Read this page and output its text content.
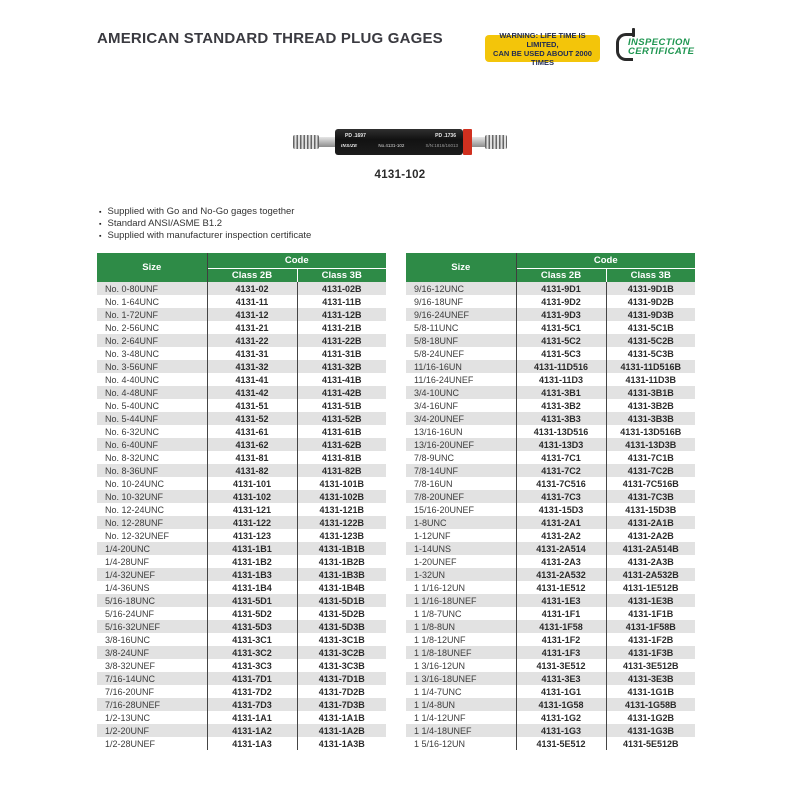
AMERICAN STANDARD THREAD PLUG GAGES	WARNING: LIFE TIME IS LIMITED,
CAN BE USED ABOUT 2000 TIMES
INSPECTION
CERTIFICATE
PD .1697	PD .1736
INSIZE	No.4131-102	S/N:1816/16013
4131-102
▪ Supplied with Go and No-Go gages together
▪ Standard ANSI/ASME B1.2
▪ Supplied with manufacturer inspection certificate
Size	Code	
	Class 2B	Class 3B
No. 0-80UNF	4131-02	4131-02B
No. 1-64UNC	4131-11	4131-11B
No. 1-72UNF	4131-12	4131-12B
No. 2-56UNC	4131-21	4131-21B
No. 2-64UNF	4131-22	4131-22B
No. 3-48UNC	4131-31	4131-31B
No. 3-56UNF	4131-32	4131-32B
No. 4-40UNC	4131-41	4131-41B
No. 4-48UNF	4131-42	4131-42B
No. 5-40UNC	4131-51	4131-51B
No. 5-44UNF	4131-52	4131-52B
No. 6-32UNC	4131-61	4131-61B
No. 6-40UNF	4131-62	4131-62B
No. 8-32UNC	4131-81	4131-81B
No. 8-36UNF	4131-82	4131-82B
No. 10-24UNC	4131-101	4131-101B
No. 10-32UNF	4131-102	4131-102B
No. 12-24UNC	4131-121	4131-121B
No. 12-28UNF	4131-122	4131-122B
No. 12-32UNEF	4131-123	4131-123B
1/4-20UNC	4131-1B1	4131-1B1B
1/4-28UNF	4131-1B2	4131-1B2B
1/4-32UNEF	4131-1B3	4131-1B3B
1/4-36UNS	4131-1B4	4131-1B4B
5/16-18UNC	4131-5D1	4131-5D1B
5/16-24UNF	4131-5D2	4131-5D2B
5/16-32UNEF	4131-5D3	4131-5D3B
3/8-16UNC	4131-3C1	4131-3C1B
3/8-24UNF	4131-3C2	4131-3C2B
3/8-32UNEF	4131-3C3	4131-3C3B
7/16-14UNC	4131-7D1	4131-7D1B
7/16-20UNF	4131-7D2	4131-7D2B
7/16-28UNEF	4131-7D3	4131-7D3B
1/2-13UNC	4131-1A1	4131-1A1B
1/2-20UNF	4131-1A2	4131-1A2B
1/2-28UNEF	4131-1A3	4131-1A3B
Size	Code	
	Class 2B	Class 3B
9/16-12UNC	4131-9D1	4131-9D1B
9/16-18UNF	4131-9D2	4131-9D2B
9/16-24UNEF	4131-9D3	4131-9D3B
5/8-11UNC	4131-5C1	4131-5C1B
5/8-18UNF	4131-5C2	4131-5C2B
5/8-24UNEF	4131-5C3	4131-5C3B
11/16-16UN	4131-11D516	4131-11D516B
11/16-24UNEF	4131-11D3	4131-11D3B
3/4-10UNC	4131-3B1	4131-3B1B
3/4-16UNF	4131-3B2	4131-3B2B
3/4-20UNEF	4131-3B3	4131-3B3B
13/16-16UN	4131-13D516	4131-13D516B
13/16-20UNEF	4131-13D3	4131-13D3B
7/8-9UNC	4131-7C1	4131-7C1B
7/8-14UNF	4131-7C2	4131-7C2B
7/8-16UN	4131-7C516	4131-7C516B
7/8-20UNEF	4131-7C3	4131-7C3B
15/16-20UNEF	4131-15D3	4131-15D3B
1-8UNC	4131-2A1	4131-2A1B
1-12UNF	4131-2A2	4131-2A2B
1-14UNS	4131-2A514	4131-2A514B
1-20UNEF	4131-2A3	4131-2A3B
1-32UN	4131-2A532	4131-2A532B
1 1/16-12UN	4131-1E512	4131-1E512B
1 1/16-18UNEF	4131-1E3	4131-1E3B
1 1/8-7UNC	4131-1F1	4131-1F1B
1 1/8-8UN	4131-1F58	4131-1F58B
1 1/8-12UNF	4131-1F2	4131-1F2B
1 1/8-18UNEF	4131-1F3	4131-1F3B
1 3/16-12UN	4131-3E512	4131-3E512B
1 3/16-18UNEF	4131-3E3	4131-3E3B
1 1/4-7UNC	4131-1G1	4131-1G1B
1 1/4-8UN	4131-1G58	4131-1G58B
1 1/4-12UNF	4131-1G2	4131-1G2B
1 1/4-18UNEF	4131-1G3	4131-1G3B
1 5/16-12UN	4131-5E512	4131-5E512B
